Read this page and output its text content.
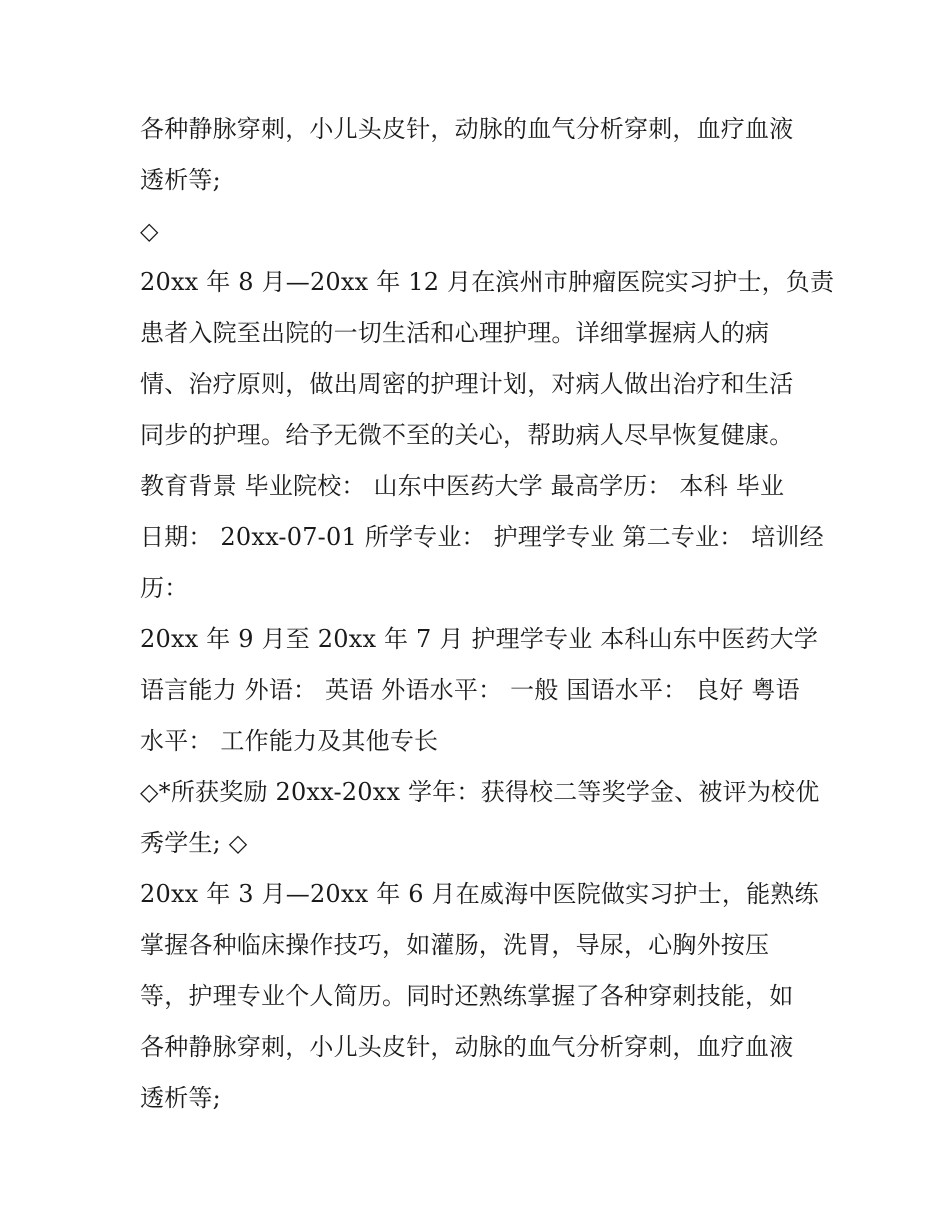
各种静脉穿刺，小儿头皮针，动脉的血气分析穿刺，血疗血液
透析等;
◇
20xx 年 8 月—20xx 年 12 月在滨州市肿瘤医院实习护士，负责
患者入院至出院的一切生活和心理护理。详细掌握病人的病
情、治疗原则，做出周密的护理计划，对病人做出治疗和生活
同步的护理。给予无微不至的关心，帮助病人尽早恢复健康。
教育背景 毕业院校： 山东中医药大学 最高学历： 本科 毕业
日期： 20xx-07-01 所学专业： 护理学专业 第二专业： 培训经
历：
20xx 年 9 月至 20xx 年 7 月 护理学专业 本科山东中医药大学
语言能力 外语： 英语 外语水平： 一般 国语水平： 良好 粤语
水平： 工作能力及其他专长
◇*所获奖励 20xx-20xx 学年：获得校二等奖学金、被评为校优
秀学生; ◇
20xx 年 3 月—20xx 年 6 月在威海中医院做实习护士，能熟练
掌握各种临床操作技巧，如灌肠，洗胃，导尿，心胸外按压
等，护理专业个人简历。同时还熟练掌握了各种穿刺技能，如
各种静脉穿刺，小儿头皮针，动脉的血气分析穿刺，血疗血液
透析等;
